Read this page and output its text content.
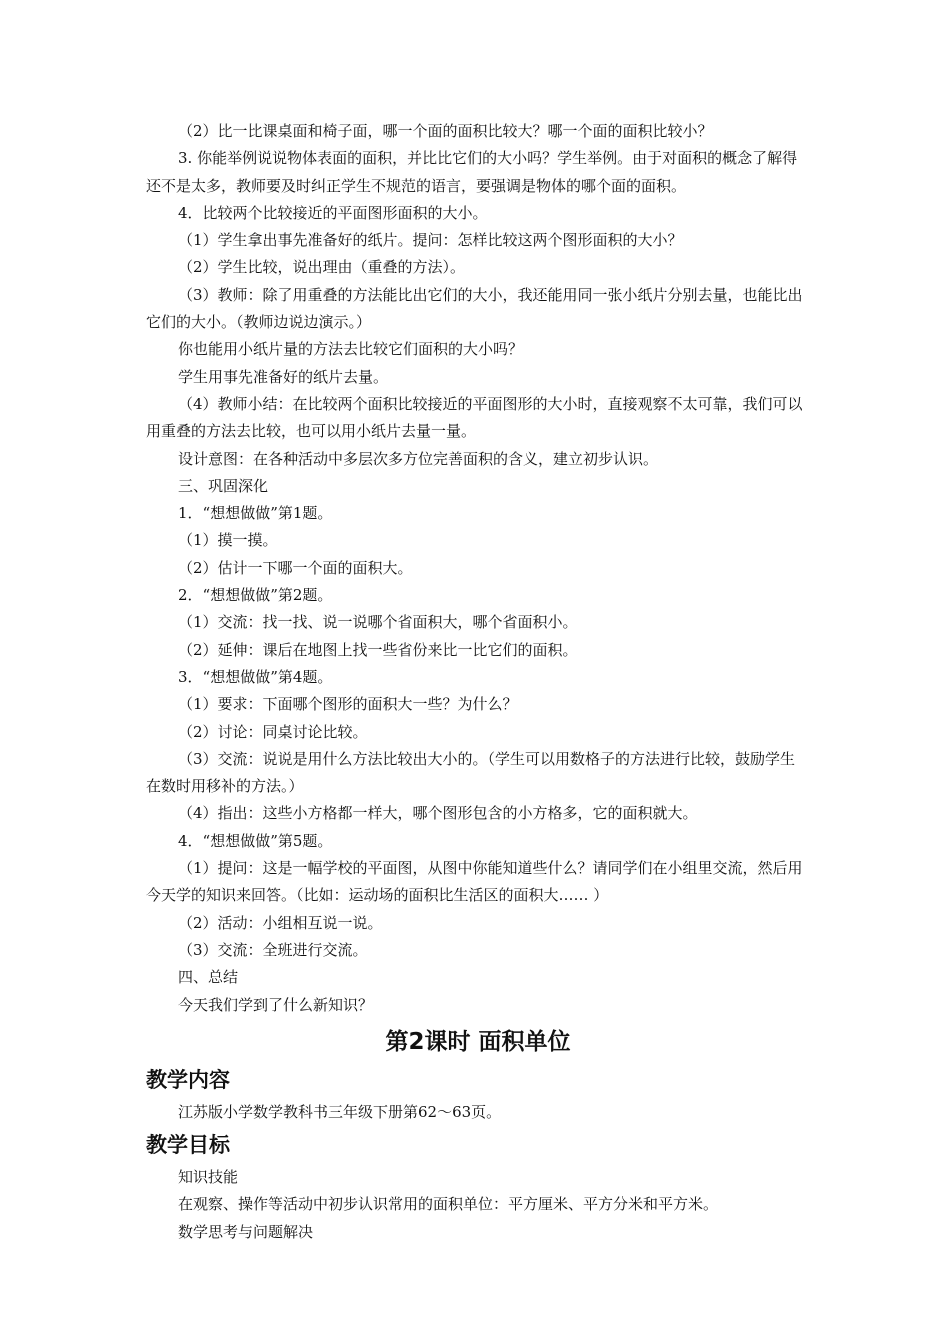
（2）比一比课桌面和椅子面，哪一个面的面积比较大？哪一个面的面积比较小？

3. 你能举例说说物体表面的面积，并比比它们的大小吗？学生举例。由于对面积的概念了解得还不是太多，教师要及时纠正学生不规范的语言，要强调是物体的哪个面的面积。

4．比较两个比较接近的平面图形面积的大小。

（1）学生拿出事先准备好的纸片。提问：怎样比较这两个图形面积的大小？

（2）学生比较，说出理由（重叠的方法）。

（3）教师：除了用重叠的方法能比出它们的大小，我还能用同一张小纸片分别去量，也能比出它们的大小。（教师边说边演示。）

你也能用小纸片量的方法去比较它们面积的大小吗？

学生用事先准备好的纸片去量。

（4）教师小结：在比较两个面积比较接近的平面图形的大小时，直接观察不太可靠，我们可以用重叠的方法去比较，也可以用小纸片去量一量。

设计意图：在各种活动中多层次多方位完善面积的含义，建立初步认识。

三、巩固深化

1．“想想做做”第1题。

（1）摸一摸。

（2）估计一下哪一个面的面积大。

2．“想想做做”第2题。

（1）交流：找一找、说一说哪个省面积大，哪个省面积小。

（2）延伸：课后在地图上找一些省份来比一比它们的面积。

3．“想想做做”第4题。

（1）要求：下面哪个图形的面积大一些？为什么？

（2）讨论：同桌讨论比较。

（3）交流：说说是用什么方法比较出大小的。（学生可以用数格子的方法进行比较，鼓励学生在数时用移补的方法。）

（4）指出：这些小方格都一样大，哪个图形包含的小方格多，它的面积就大。

4．“想想做做”第5题。

（1）提问：这是一幅学校的平面图，从图中你能知道些什么？请同学们在小组里交流，然后用今天学的知识来回答。（比如：运动场的面积比生活区的面积大…… ）

（2）活动：小组相互说一说。

（3）交流：全班进行交流。

四、总结

今天我们学到了什么新知识？

第2课时 面积单位
教学内容

江苏版小学数学教科书三年级下册第62～63页。

教学目标

知识技能

在观察、操作等活动中初步认识常用的面积单位：平方厘米、平方分米和平方米。

数学思考与问题解决
